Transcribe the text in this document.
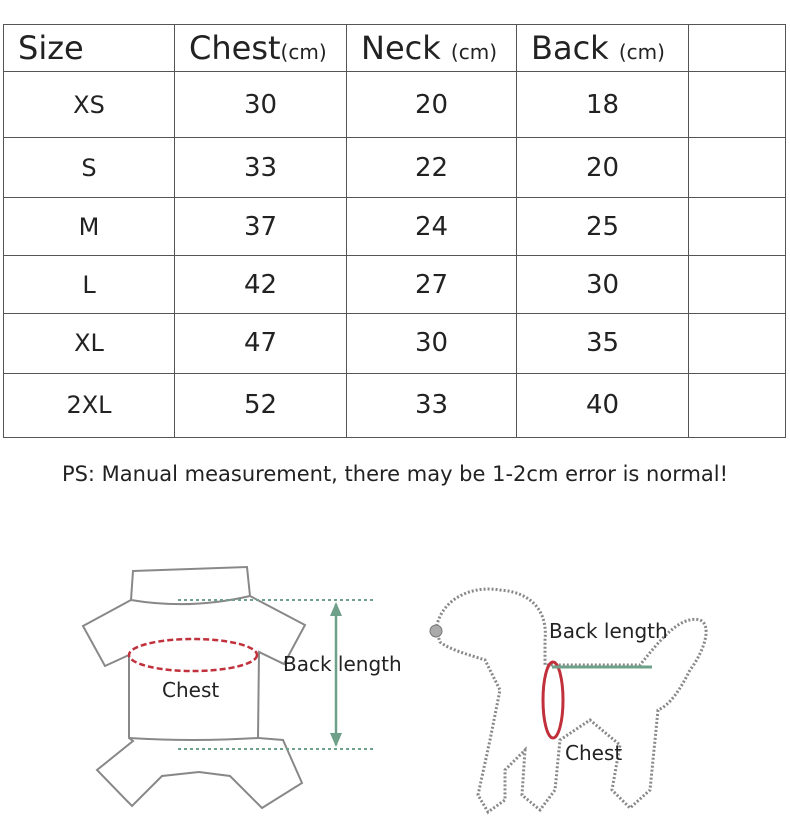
Size	Chest(cm)	Neck (cm)	Back (cm)	
XS	30	20	18	
S	33	22	20	
M	37	24	25	
L	42	27	30	
XL	47	30	35	
2XL	52	33	40	
PS: Manual measurement, there may be 1-2cm error is normal!
Back length
Chest
Back length
Chest
